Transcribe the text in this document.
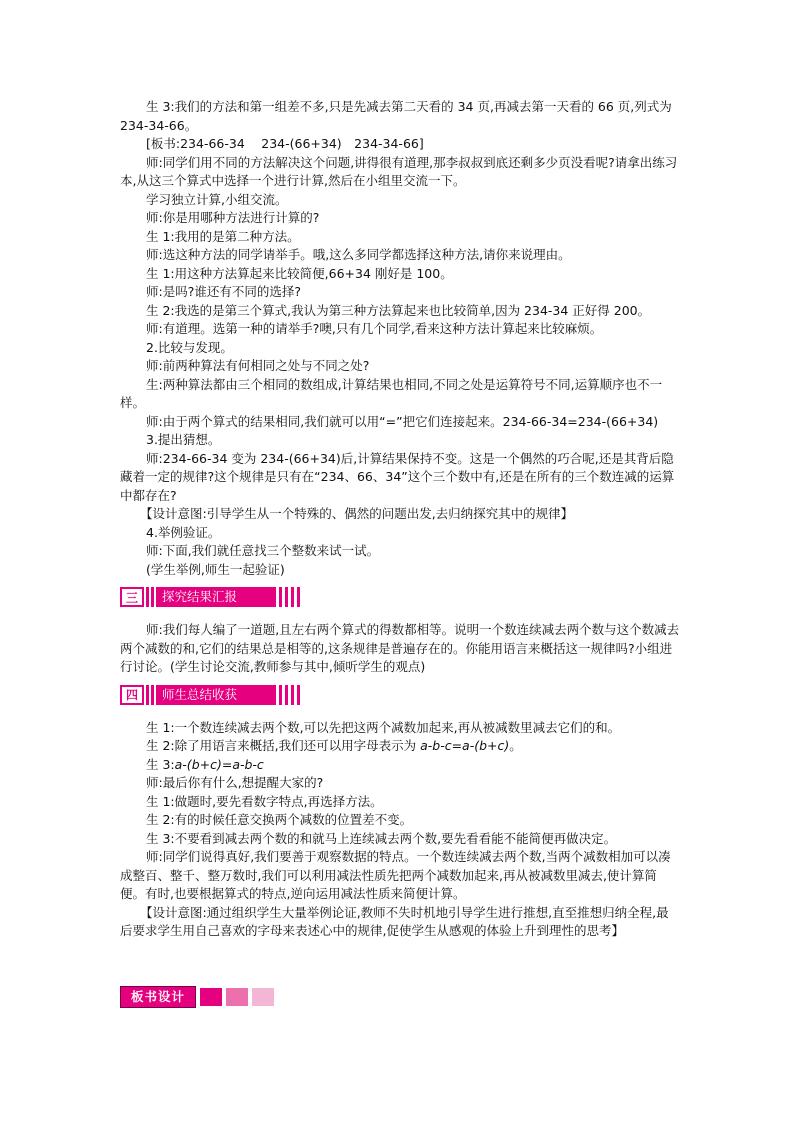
生 3:我们的方法和第一组差不多,只是先减去第二天看的 34 页,再减去第一天看的 66 页,列式为 234-34-66。

[板书:234-66-34　 234-(66+34)　234-34-66]

师:同学们用不同的方法解决这个问题,讲得很有道理,那李叔叔到底还剩多少页没看呢?请拿出练习本,从这三个算式中选择一个进行计算,然后在小组里交流一下。

学习独立计算,小组交流。

师:你是用哪种方法进行计算的?

生 1:我用的是第二种方法。

师:选这种方法的同学请举手。哦,这么多同学都选择这种方法,请你来说理由。

生 1:用这种方法算起来比较简便,66+34 刚好是 100。

师:是吗?谁还有不同的选择?

生 2:我选的是第三个算式,我认为第三种方法算起来也比较简单,因为 234-34 正好得 200。

师:有道理。选第一种的请举手?噢,只有几个同学,看来这种方法计算起来比较麻烦。

2.比较与发现。

师:前两种算法有何相同之处与不同之处?

生:两种算法都由三个相同的数组成,计算结果也相同,不同之处是运算符号不同,运算顺序也不一样。

师:由于两个算式的结果相同,我们就可以用“=”把它们连接起来。234-66-34=234-(66+34)

3.提出猜想。

师:234-66-34 变为 234-(66+34)后,计算结果保持不变。这是一个偶然的巧合呢,还是其背后隐藏着一定的规律?这个规律是只有在“234、66、34”这个三个数中有,还是在所有的三个数连减的运算中都存在?

【设计意图:引导学生从一个特殊的、偶然的问题出发,去归纳探究其中的规律】

4.举例验证。

师:下面,我们就任意找三个整数来试一试。

(学生举例,师生一起验证)

三	探究结果汇报

师:我们每人编了一道题,且左右两个算式的得数都相等。说明一个数连续减去两个数与这个数减去两个减数的和,它们的结果总是相等的,这条规律是普遍存在的。你能用语言来概括这一规律吗?小组进行讨论。(学生讨论交流,教师参与其中,倾听学生的观点)

四	师生总结收获

生 1:一个数连续减去两个数,可以先把这两个减数加起来,再从被减数里减去它们的和。

生 2:除了用语言来概括,我们还可以用字母表示为 a-b-c=a-(b+c)。

生 3:a-(b+c)=a-b-c

师:最后你有什么,想提醒大家的?

生 1:做题时,要先看数字特点,再选择方法。

生 2:有的时候任意交换两个减数的位置差不变。

生 3:不要看到减去两个数的和就马上连续减去两个数,要先看看能不能简便再做决定。

师:同学们说得真好,我们要善于观察数据的特点。一个数连续减去两个数,当两个减数相加可以凑成整百、整千、整万数时,我们可以利用减法性质先把两个减数加起来,再从被减数里减去,使计算简便。有时,也要根据算式的特点,逆向运用减法性质来简便计算。

【设计意图:通过组织学生大量举例论证,教师不失时机地引导学生进行推想,直至推想归纳全程,最后要求学生用自己喜欢的字母来表述心中的规律,促使学生从感观的体验上升到理性的思考】

板书设计
